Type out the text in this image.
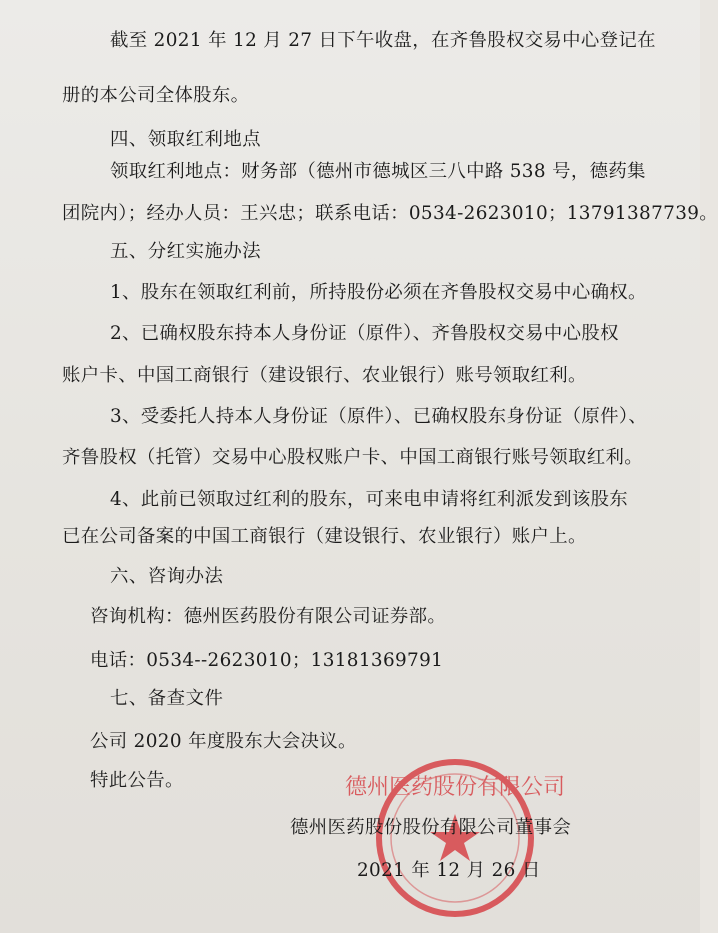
截至 2021 年 12 月 27 日下午收盘，在齐鲁股权交易中心登记在
册的本公司全体股东。
四、领取红利地点
领取红利地点：财务部（德州市德城区三八中路 538 号，德药集
团院内）；经办人员：王兴忠；联系电话：0534-2623010；13791387739。
五、分红实施办法
1、股东在领取红利前，所持股份必须在齐鲁股权交易中心确权。
2、已确权股东持本人身份证（原件）、齐鲁股权交易中心股权
账户卡、中国工商银行（建设银行、农业银行）账号领取红利。
3、受委托人持本人身份证（原件）、已确权股东身份证（原件）、
齐鲁股权（托管）交易中心股权账户卡、中国工商银行账号领取红利。
4、此前已领取过红利的股东，可来电申请将红利派发到该股东
已在公司备案的中国工商银行（建设银行、农业银行）账户上。
六、咨询办法
咨询机构：德州医药股份有限公司证券部。
电话：0534--2623010；13181369791
七、备查文件
公司 2020 年度股东大会决议。
特此公告。	德州医药股份有限公司
德州医药股份股份有限公司董事会
2021 年 12 月 26 日
